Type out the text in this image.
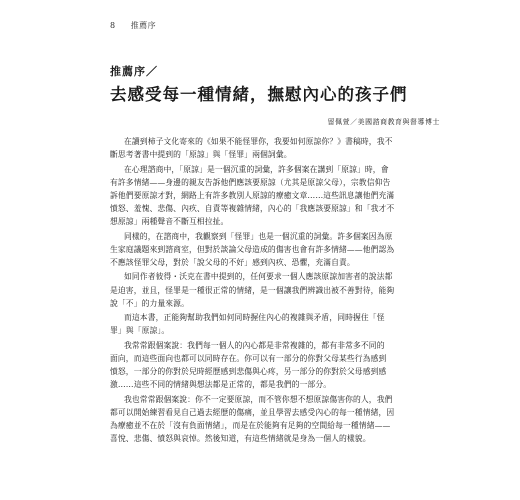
8 推薦序
推薦序／
去感受每一種情緒，撫慰內心的孩子們
留佩萱／美國諮商教育與督導博士
在讀到柿子文化寄來的《如果不能怪罪你，我要如何原諒你？》書稿時，我不
斷思考著書中提到的「原諒」與「怪罪」兩個詞彙。
在心理諮商中，「原諒」是一個沉重的詞彙，許多個案在講到「原諒」時，會
有許多情緒——身邊的親友告訴他們應該要原諒（尤其是原諒父母），宗教信仰告
訴他們要原諒才對，網路上有許多教別人原諒的療癒文章……這些訊息讓他們充滿
憤怒、羞愧、悲傷、內疚、自責等複雜情緒，內心的「我應該要原諒」和「我才不
想原諒」兩種聲音不斷互相拉扯。
同樣的，在諮商中，我觀察到「怪罪」也是一個沉重的詞彙。許多個案因為原
生家庭議題來到諮商室，但對於談論父母造成的傷害也會有許多情緒——他們認為
不應該怪罪父母，對於「說父母的不好」感到內疚、恐懼，充滿自責。
如同作者彼得・沃克在書中提到的，任何要求一個人應該原諒加害者的說法都
是迫害，並且，怪罪是一種很正常的情緒，是一個讓我們辨識出被不善對待，能夠
說「不」的力量來源。
而這本書，正能夠幫助我們如何同時握住內心的複雜與矛盾，同時握住「怪
罪」與「原諒」。
我常常跟個案說：我們每一個人的內心都是非常複雜的，都有非常多不同的
面向，而這些面向也都可以同時存在。你可以有一部分的你對父母某些行為感到
憤怒，一部分的你對於兒時經歷感到悲傷與心疼，另一部分的你對於父母感到感
激……這些不同的情緒與想法都是正常的，都是我們的一部分。
我也常常跟個案說：你不一定要原諒，而不管你想不想原諒傷害你的人，我們
都可以開始練習看見自己過去經歷的傷痛，並且學習去感受內心的每一種情緒，因
為療癒並不在於「沒有負面情緒」，而是在於能夠有足夠的空間給每一種情緒——
喜悅、悲傷、憤怒與哀悼。然後知道，有這些情緒就是身為一個人的樣貌。
